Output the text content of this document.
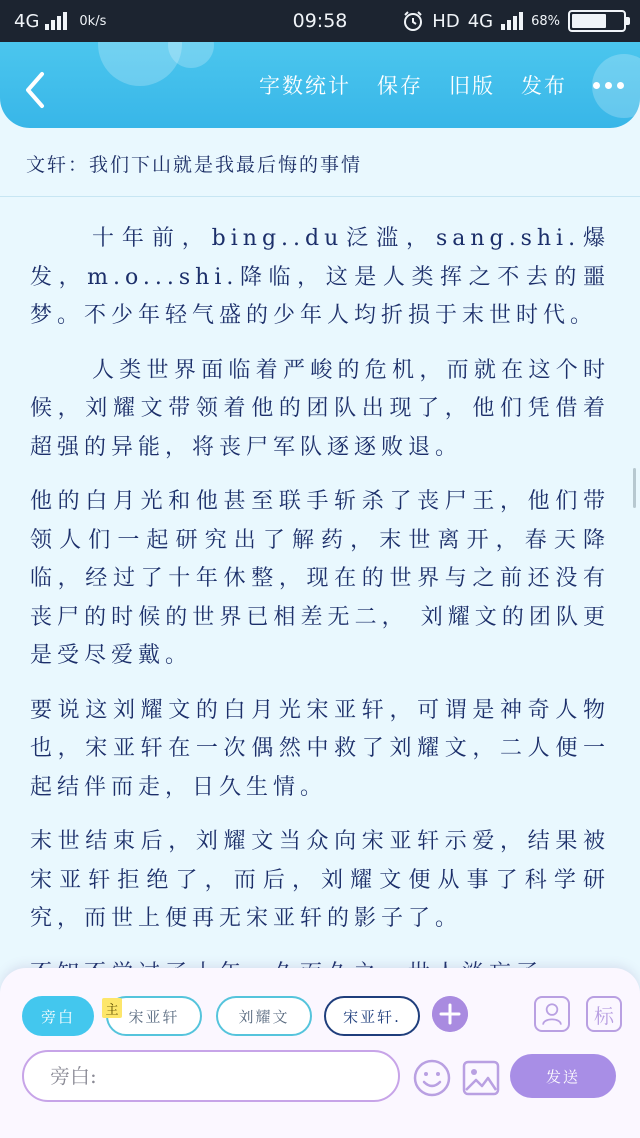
4G	0k/s	09:58	HD 4G	68%
字数统计 保存 旧版 发布
文轩：我们下山就是我最后悔的事情

十年前，bing..du泛滥，sang.shi.爆发，m.o...shi.降临，这是人类挥之不去的噩梦。不少年轻气盛的少年人均折损于末世时代。

人类世界面临着严峻的危机，而就在这个时候，刘耀文带领着他的团队出现了，他们凭借着超强的异能，将丧尸军队逐逐败退。

他的白月光和他甚至联手斩杀了丧尸王，他们带领人们一起研究出了解药，末世离开，春天降临，经过了十年休整，现在的世界与之前还没有丧尸的时候的世界已相差无二， 刘耀文的团队更是受尽爱戴。

要说这刘耀文的白月光宋亚轩，可谓是神奇人物也，宋亚轩在一次偶然中救了刘耀文，二人便一起结伴而走，日久生情。

末世结束后，刘耀文当众向宋亚轩示爱，结果被宋亚轩拒绝了，而后，刘耀文便从事了科学研究，而世上便再无宋亚轩的影子了。

旁白	宋亚轩
主	刘耀文	宋亚轩.	标
旁白:
发送
